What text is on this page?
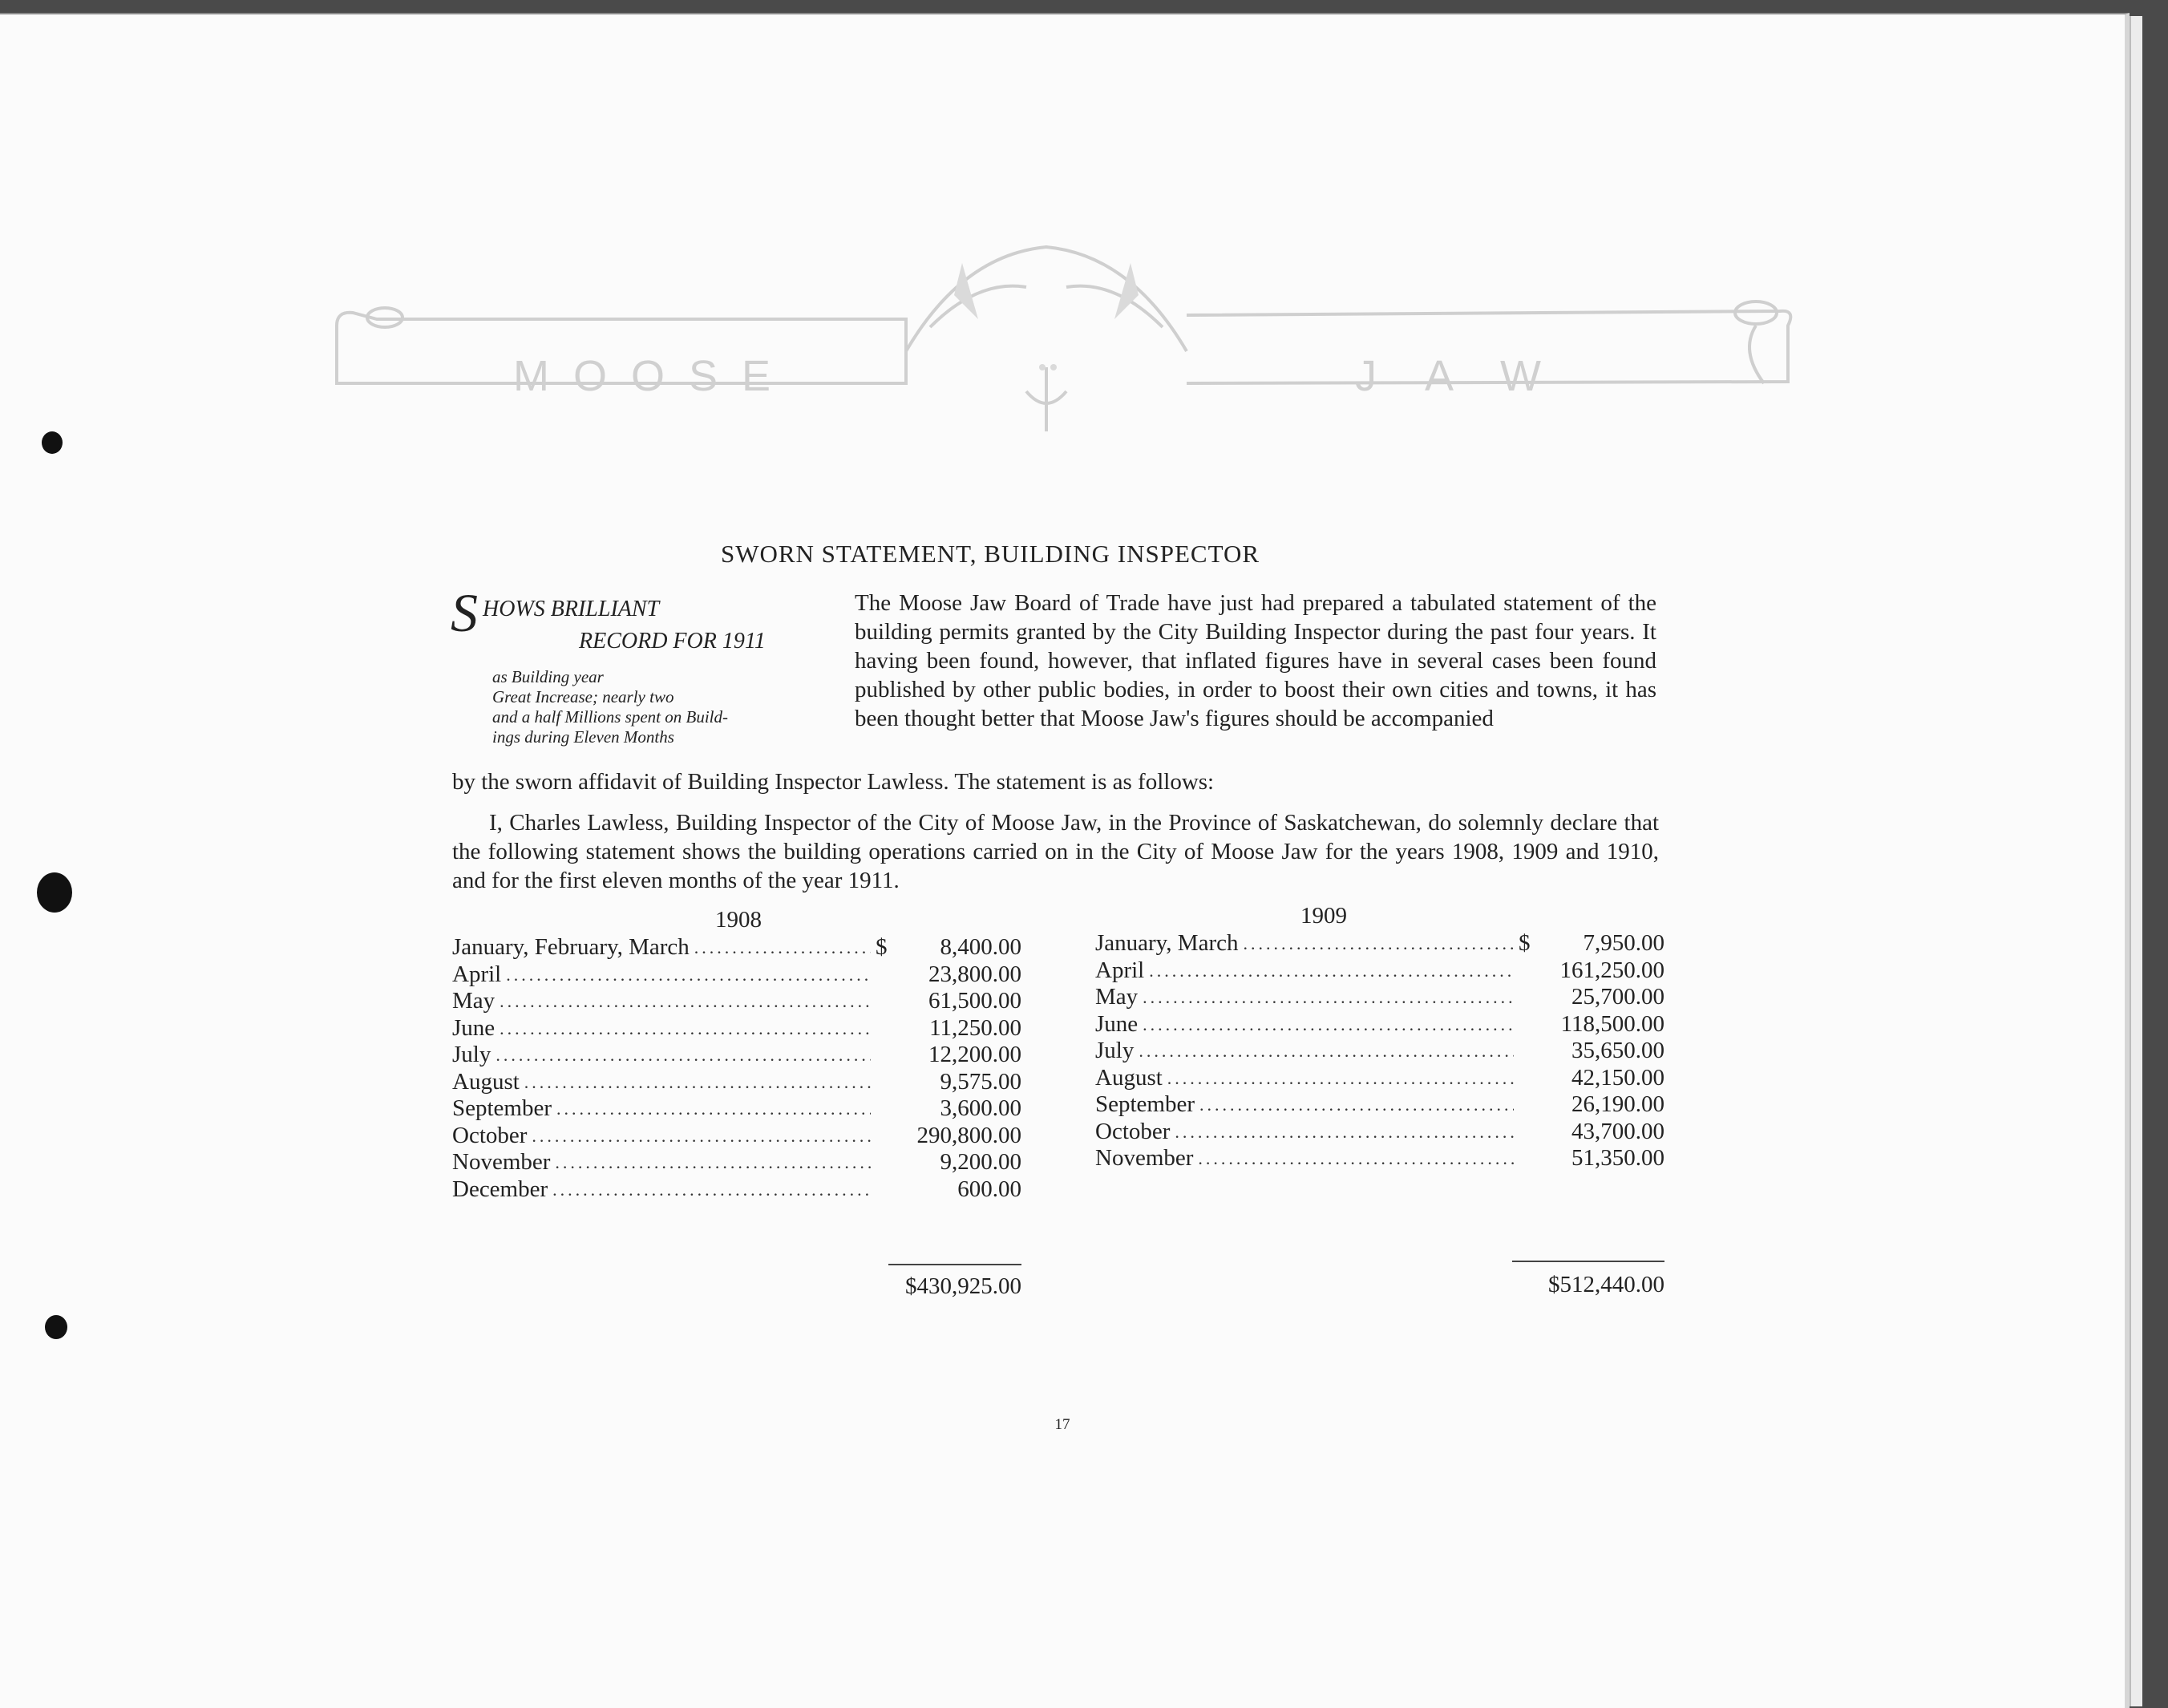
MOOSE	JAW
SWORN STATEMENT, BUILDING INSPECTOR
S HOWS BRILLIANT
RECORD FOR 1911
as Building year
Great Increase; nearly two
and a half Millions spent on Build-
ings during Eleven Months
The Moose Jaw Board of Trade have just had prepared a tabulated statement of the building permits granted by the City Building Inspector during the past four years. It having been found, however, that inflated figures have in several cases been found published by other public bodies, in order to boost their own cities and towns, it has been thought better that Moose Jaw's figures should be accompanied
by the sworn affidavit of Building Inspector Lawless. The statement is as follows:
I, Charles Lawless, Building Inspector of the City of Moose Jaw, in the Province of Saskatchewan, do solemnly declare that the following statement shows the building operations carried on in the City of Moose Jaw for the years 1908, 1909 and 1910, and for the first eleven months of the year 1911.
1908
January, February, March .....	$	8,400.00
April .....	23,800.00
May .....	61,500.00
June .....	11,250.00
July .....	12,200.00
August .....	9,575.00
September .....	3,600.00
October .....	290,800.00
November .....	9,200.00
December .....	600.00
$430,925.00
1909
January, March .....	$	7,950.00
April .....	161,250.00
May .....	25,700.00
June .....	118,500.00
July .....	35,650.00
August .....	42,150.00
September .....	26,190.00
October .....	43,700.00
November .....	51,350.00
$512,440.00
17
